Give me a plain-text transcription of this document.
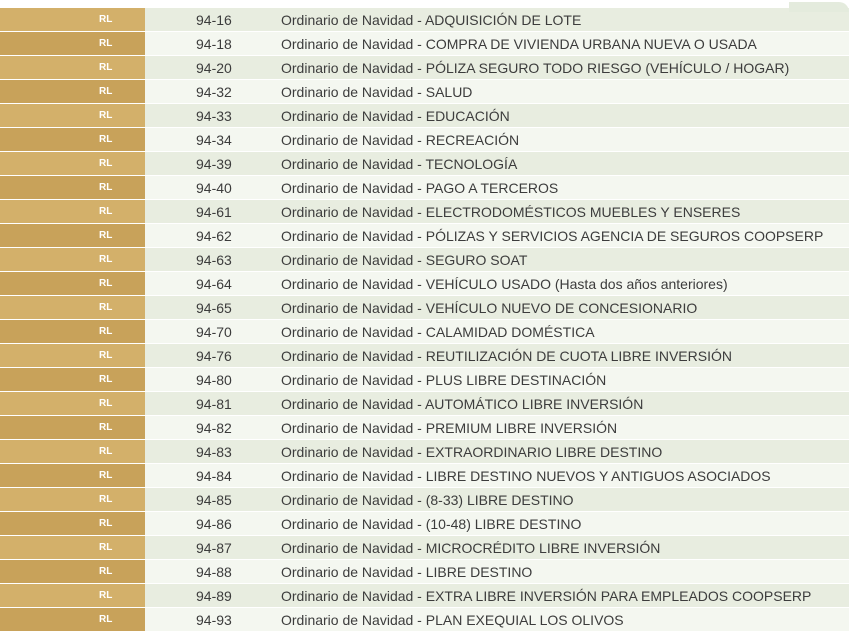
RL	94-16	Ordinario de Navidad - ADQUISICIÓN DE LOTE
RL	94-18	Ordinario de Navidad - COMPRA DE VIVIENDA URBANA NUEVA O USADA
RL	94-20	Ordinario de Navidad - PÓLIZA SEGURO TODO RIESGO (VEHÍCULO / HOGAR)
RL	94-32	Ordinario de Navidad - SALUD
RL	94-33	Ordinario de Navidad - EDUCACIÓN
RL	94-34	Ordinario de Navidad - RECREACIÓN
RL	94-39	Ordinario de Navidad - TECNOLOGÍA
RL	94-40	Ordinario de Navidad - PAGO A TERCEROS
RL	94-61	Ordinario de Navidad - ELECTRODOMÉSTICOS MUEBLES Y ENSERES
RL	94-62	Ordinario de Navidad - PÓLIZAS Y SERVICIOS AGENCIA DE SEGUROS COOPSERP
RL	94-63	Ordinario de Navidad - SEGURO SOAT
RL	94-64	Ordinario de Navidad - VEHÍCULO USADO (Hasta dos años anteriores)
RL	94-65	Ordinario de Navidad - VEHÍCULO NUEVO DE CONCESIONARIO
RL	94-70	Ordinario de Navidad - CALAMIDAD DOMÉSTICA
RL	94-76	Ordinario de Navidad - REUTILIZACIÓN DE CUOTA LIBRE INVERSIÓN
RL	94-80	Ordinario de Navidad - PLUS LIBRE DESTINACIÓN
RL	94-81	Ordinario de Navidad - AUTOMÁTICO LIBRE INVERSIÓN
RL	94-82	Ordinario de Navidad - PREMIUM LIBRE INVERSIÓN
RL	94-83	Ordinario de Navidad - EXTRAORDINARIO LIBRE DESTINO
RL	94-84	Ordinario de Navidad - LIBRE DESTINO NUEVOS Y ANTIGUOS ASOCIADOS
RL	94-85	Ordinario de Navidad - (8-33) LIBRE DESTINO
RL	94-86	Ordinario de Navidad - (10-48) LIBRE DESTINO
RL	94-87	Ordinario de Navidad - MICROCRÉDITO LIBRE INVERSIÓN
RL	94-88	Ordinario de Navidad - LIBRE DESTINO
RL	94-89	Ordinario de Navidad - EXTRA LIBRE INVERSIÓN PARA EMPLEADOS COOPSERP
RL	94-93	Ordinario de Navidad - PLAN EXEQUIAL LOS OLIVOS
